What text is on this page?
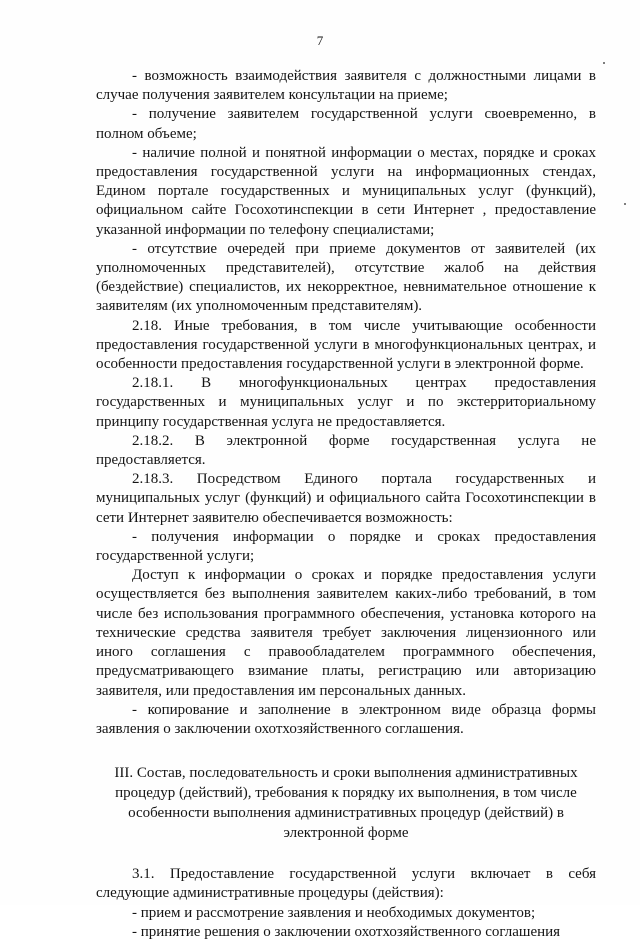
7

- возможность взаимодействия заявителя с должностными лицами в случае получения заявителем консультации на приеме;

- получение заявителем государственной услуги своевременно, в полном объеме;

- наличие полной и понятной информации о местах, порядке и сроках предоставления государственной услуги на информационных стендах, Едином портале государственных и муниципальных услуг (функций), официальном сайте Госохотинспекции в сети Интернет , предоставление указанной информации по телефону специалистами;

- отсутствие очередей при приеме документов от заявителей (их уполномоченных представителей), отсутствие жалоб на действия (бездействие) специалистов, их некорректное, невнимательное отношение к заявителям (их уполномоченным представителям).

2.18. Иные требования, в том числе учитывающие особенности предоставления государственной услуги в многофункциональных центрах, и особенности предоставления государственной услуги в электронной форме.

2.18.1. В многофункциональных центрах предоставления государственных и муниципальных услуг и по экстерриториальному принципу государственная услуга не предоставляется.

2.18.2. В электронной форме государственная услуга не предоставляется.

2.18.3. Посредством Единого портала государственных и муниципальных услуг (функций) и официального сайта Госохотинспекции в сети Интернет заявителю обеспечивается возможность:

- получения информации о порядке и сроках предоставления государственной услуги;

Доступ к информации о сроках и порядке предоставления услуги осуществляется без выполнения заявителем каких-либо требований, в том числе без использования программного обеспечения, установка которого на технические средства заявителя требует заключения лицензионного или иного соглашения с правообладателем программного обеспечения, предусматривающего взимание платы, регистрацию или авторизацию заявителя, или предоставления им персональных данных.

- копирование и заполнение в электронном виде образца формы заявления о заключении охотхозяйственного соглашения.

III. Состав, последовательность и сроки выполнения административных процедур (действий), требования к порядку их выполнения, в том числе особенности выполнения административных процедур (действий) в электронной форме

3.1. Предоставление государственной услуги включает в себя следующие административные процедуры (действия):

- прием и рассмотрение заявления и необходимых документов;

- принятие решения о заключении охотхозяйственного соглашения
